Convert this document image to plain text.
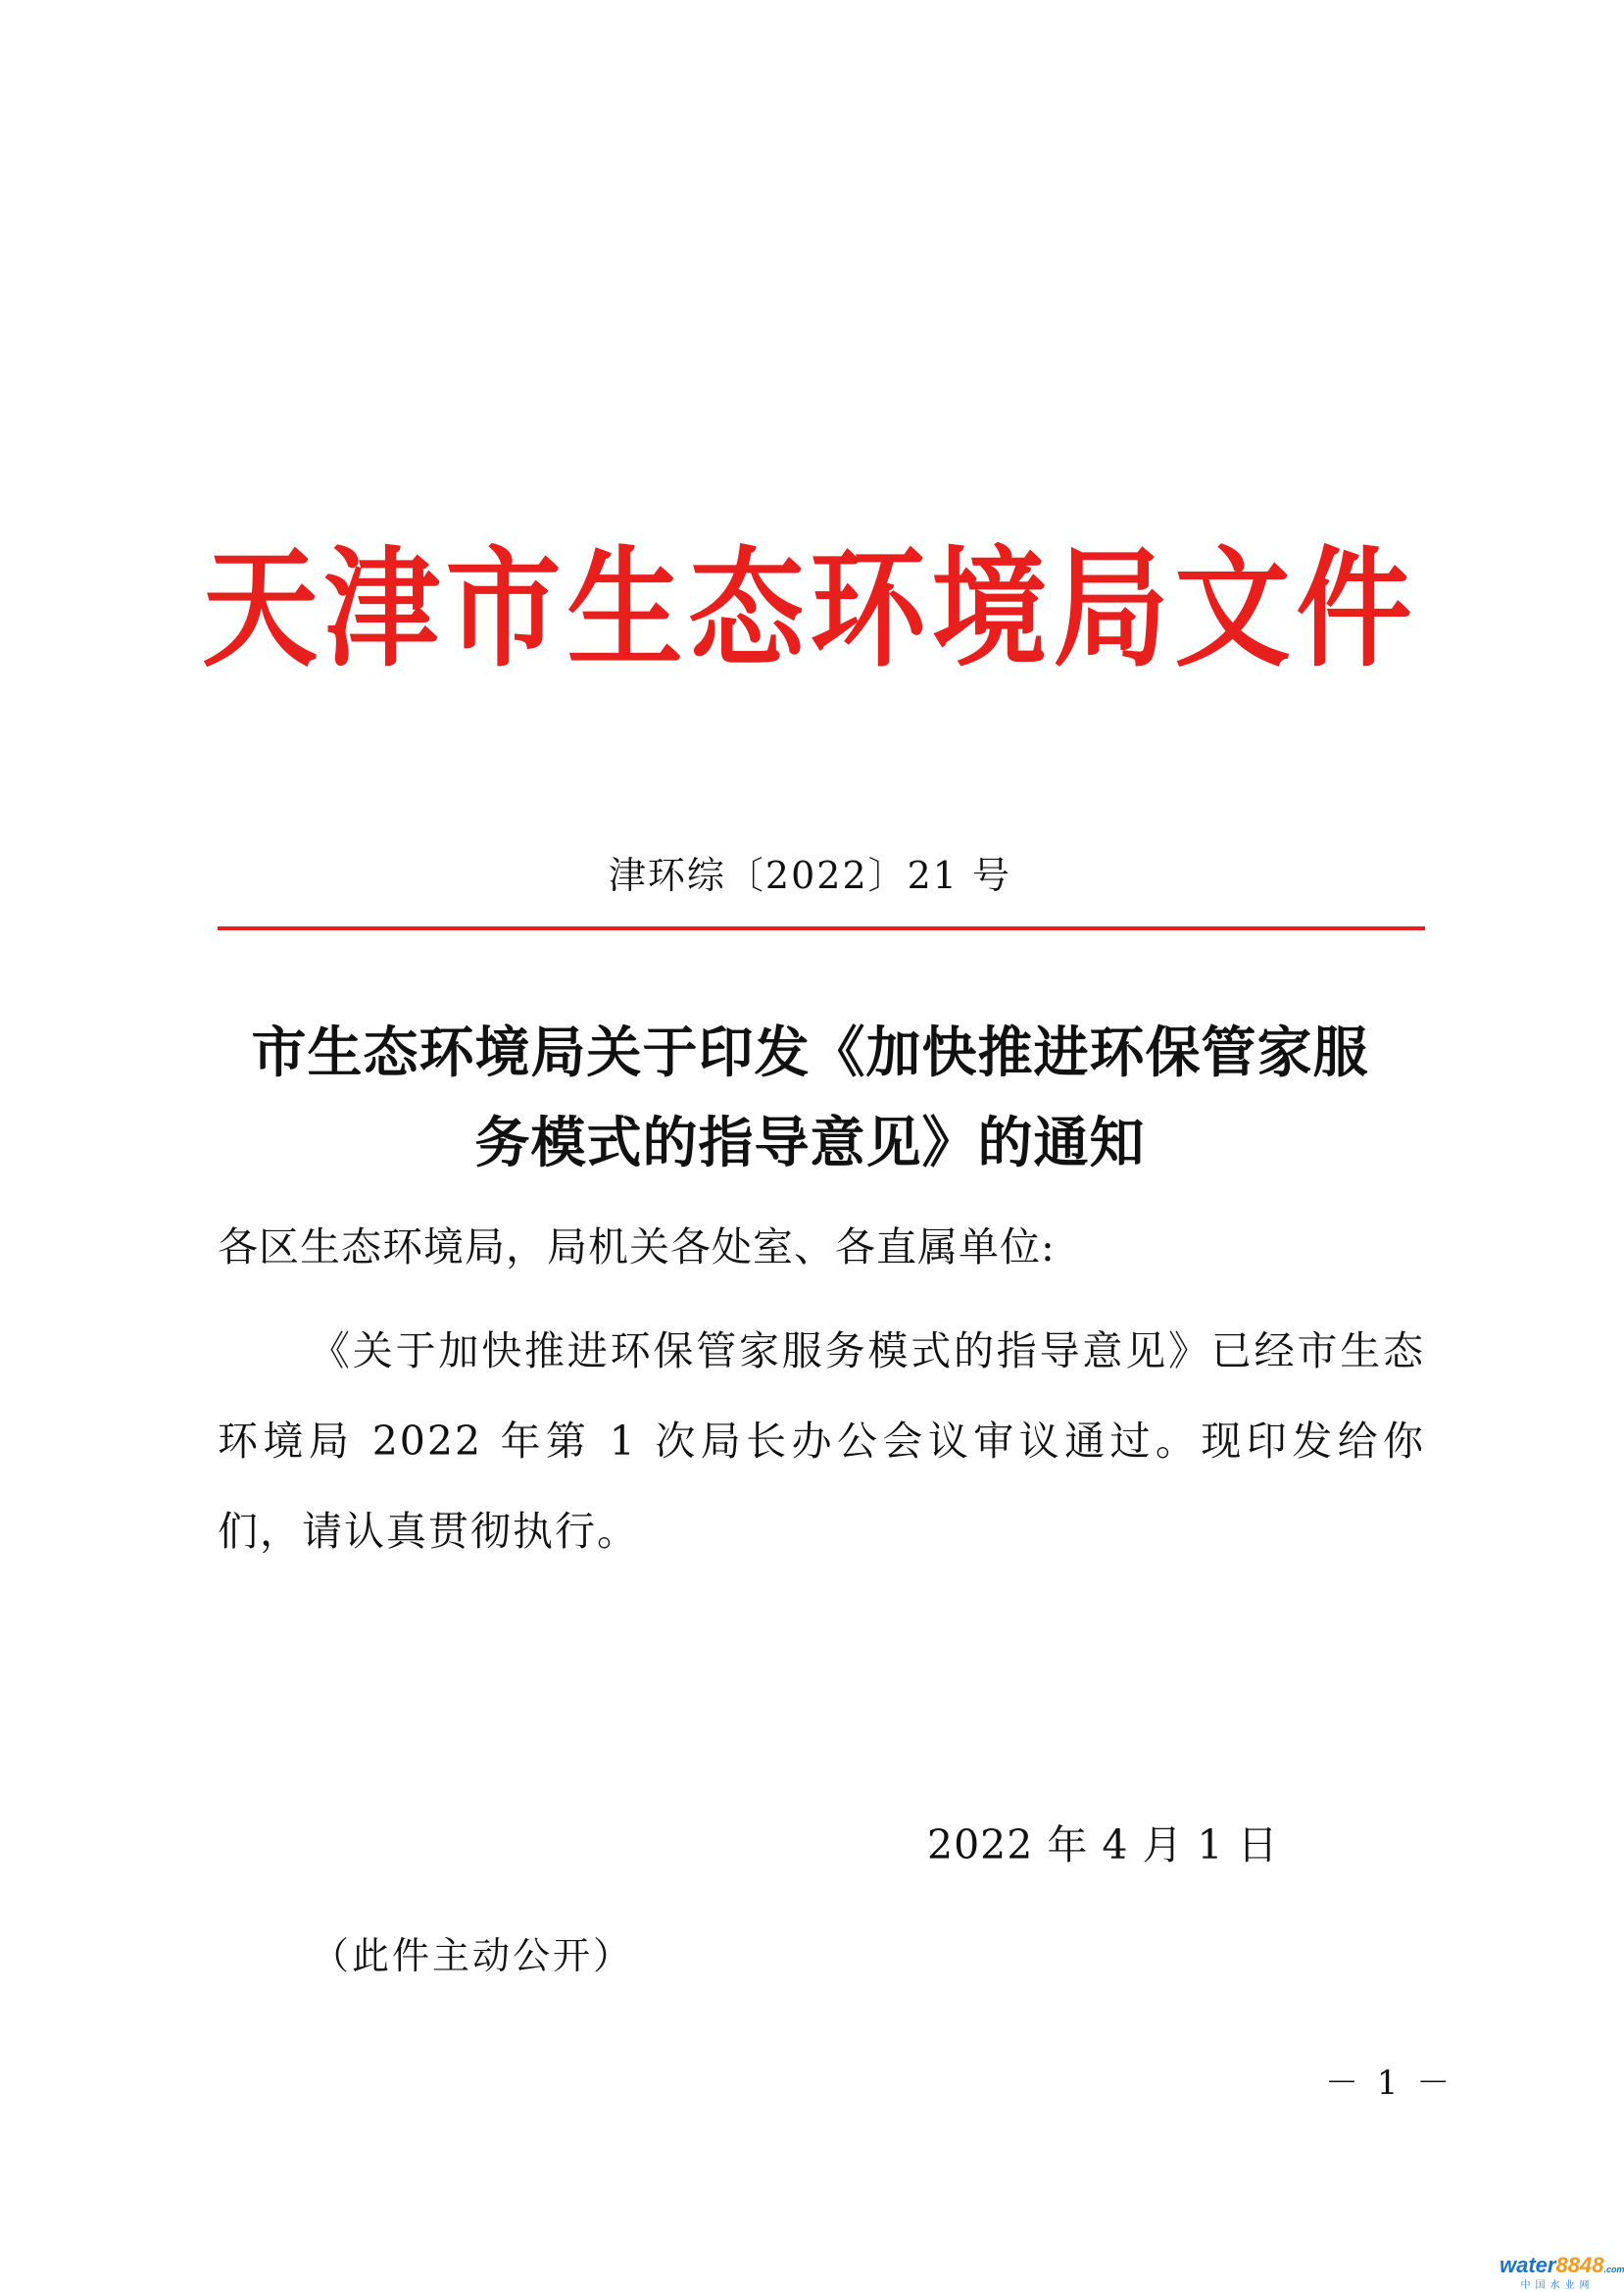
天津市生态环境局文件
津环综〔2022〕21 号
市生态环境局关于印发《加快推进环保管家服
务模式的指导意见》的通知
各区生态环境局，局机关各处室、各直属单位:
《关于加快推进环保管家服务模式的指导意见》已经市生态环境局 2022 年第 1 次局长办公会议审议通过。现印发给你们，请认真贯彻执行。
2022 年 4 月 1 日
（此件主动公开）
－ 1 －
water8848.com
中国水业网
